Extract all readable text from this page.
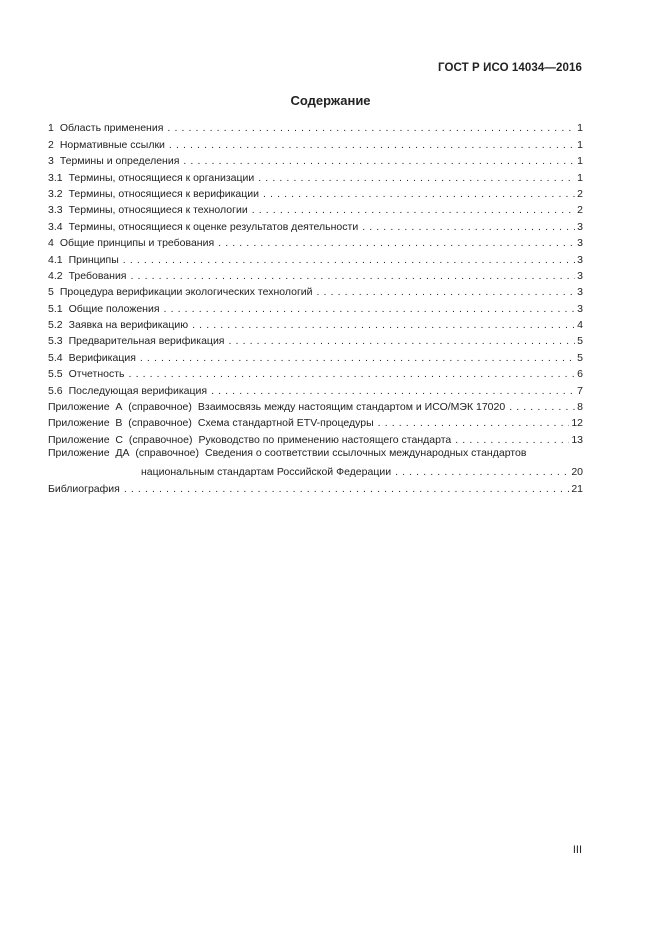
ГОСТ Р ИСО 14034—2016
Содержание
1 Область применения . . .	1
2 Нормативные ссылки . . .	1
3 Термины и определения . . .	1
3.1 Термины, относящиеся к организации . . .	1
3.2 Термины, относящиеся к верификации . . .	2
3.3 Термины, относящиеся к технологии . . .	2
3.4 Термины, относящиеся к оценке результатов деятельности . . .	3
4 Общие принципы и требования . . .	3
4.1 Принципы . . .	3
4.2 Требования . . .	3
5 Процедура верификации экологических технологий . . .	3
5.1 Общие положения . . .	3
5.2 Заявка на верификацию . . .	4
5.3 Предварительная верификация . . .	5
5.4 Верификация . . .	5
5.5 Отчетность . . .	6
5.6 Последующая верификация . . .	7
Приложение  А  (справочное) Взаимосвязь между настоящим стандартом и ИСО/МЭК 17020 . . .	8
Приложение  В  (справочное) Схема стандартной ETV-процедуры . . .	12
Приложение  С  (справочное) Руководство по применению настоящего стандарта . . .	13
Приложение  ДА  (справочное) Сведения о соответствии ссылочных международных стандартов
национальным стандартам Российской Федерации . . .	20
Библиография . . .	21
III
